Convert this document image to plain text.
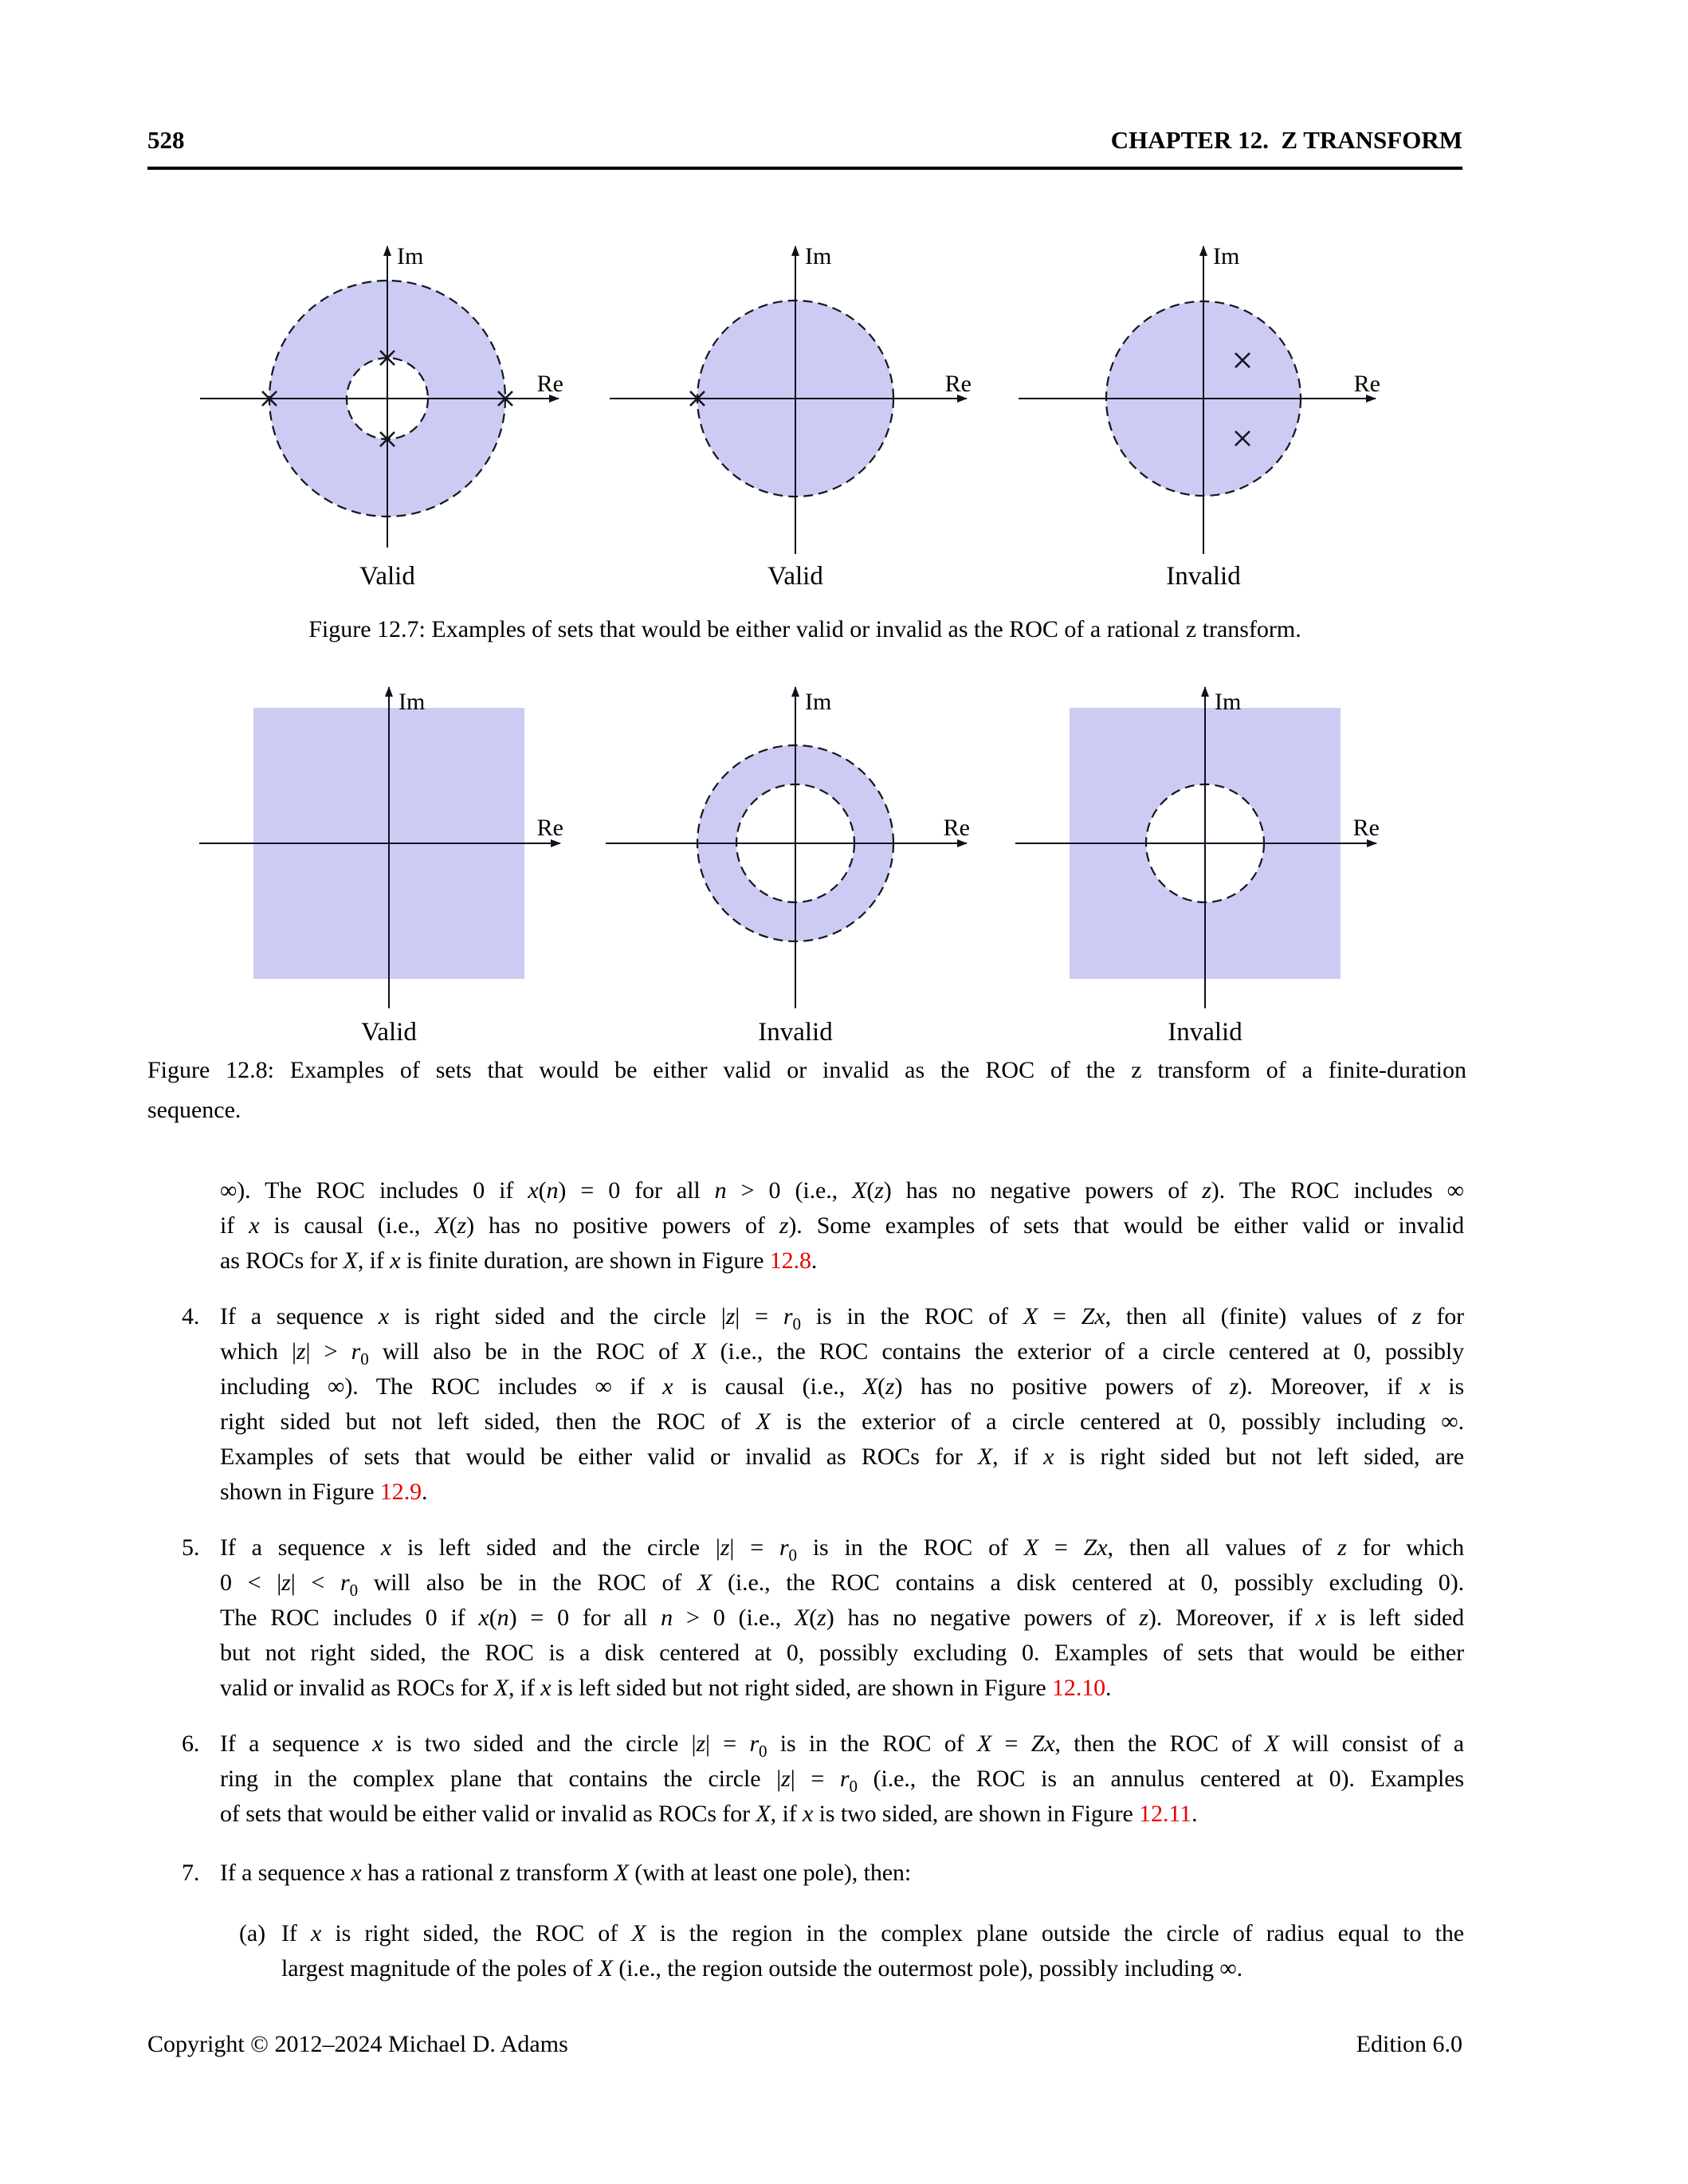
528	CHAPTER 12.  Z TRANSFORM
Im
Re
Valid
Im
Re
Valid
Im
Re
Invalid
Figure 12.7: Examples of sets that would be either valid or invalid as the ROC of a rational z transform.
Im
Re
Valid
Im
Re
Invalid
Im
Re
Invalid
Figure 12.8: Examples of sets that would be either valid or invalid as the ROC of the z transform of a finite-duration
sequence.
∞). The ROC includes 0 if x(n) = 0 for all n > 0 (i.e., X(z) has no negative powers of z). The ROC includes ∞
if x is causal (i.e., X(z) has no positive powers of z). Some examples of sets that would be either valid or invalid
as ROCs for X, if x is finite duration, are shown in Figure 12.8.
4. If a sequence x is right sided and the circle $|z| = r_0$ is in the ROC of X = Zx, then all (finite) values of z for
which $|z| > r_0$ will also be in the ROC of X (i.e., the ROC contains the exterior of a circle centered at 0, possibly
including ∞). The ROC includes ∞ if x is causal (i.e., X(z) has no positive powers of z). Moreover, if x is
right sided but not left sided, then the ROC of X is the exterior of a circle centered at 0, possibly including ∞.
Examples of sets that would be either valid or invalid as ROCs for X, if x is right sided but not left sided, are
shown in Figure 12.9.
5. If a sequence x is left sided and the circle $|z| = r_0$ is in the ROC of X = Zx, then all values of z for which
$0 < |z| < r_0$ will also be in the ROC of X (i.e., the ROC contains a disk centered at 0, possibly excluding 0).
The ROC includes 0 if x(n) = 0 for all n > 0 (i.e., X(z) has no negative powers of z). Moreover, if x is left sided
but not right sided, the ROC is a disk centered at 0, possibly excluding 0. Examples of sets that would be either
valid or invalid as ROCs for X, if x is left sided but not right sided, are shown in Figure 12.10.
6. If a sequence x is two sided and the circle $|z| = r_0$ is in the ROC of X = Zx, then the ROC of X will consist of a
ring in the complex plane that contains the circle $|z| = r_0$ (i.e., the ROC is an annulus centered at 0). Examples
of sets that would be either valid or invalid as ROCs for X, if x is two sided, are shown in Figure 12.11.
7. If a sequence x has a rational z transform X (with at least one pole), then:
(a) If x is right sided, the ROC of X is the region in the complex plane outside the circle of radius equal to the
largest magnitude of the poles of X (i.e., the region outside the outermost pole), possibly including ∞.
Copyright © 2012–2024 Michael D. Adams	Edition 6.0
